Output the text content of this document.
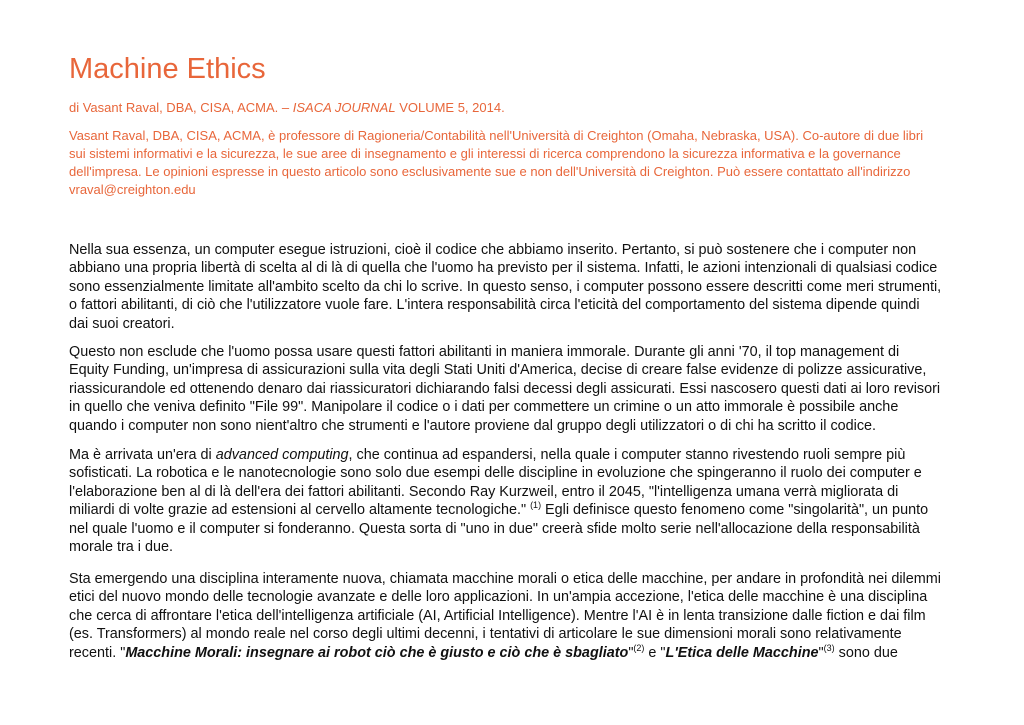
Machine Ethics

di Vasant Raval, DBA, CISA, ACMA. – ISACA JOURNAL VOLUME 5, 2014.

Vasant Raval, DBA, CISA, ACMA, è professore di Ragioneria/Contabilità nell'Università di Creighton (Omaha, Nebraska, USA). Co-autore di due libri
sui sistemi informativi e la sicurezza, le sue aree di insegnamento e gli interessi di ricerca comprendono la sicurezza informativa e la governance
dell'impresa. Le opinioni espresse in questo articolo sono esclusivamente sue e non dell'Università di Creighton. Può essere contattato all'indirizzo
vraval@creighton.edu

Nella sua essenza, un computer esegue istruzioni, cioè il codice che abbiamo inserito. Pertanto, si può sostenere che i computer non
abbiano una propria libertà di scelta al di là di quella che l'uomo ha previsto per il sistema. Infatti, le azioni intenzionali di qualsiasi codice
sono essenzialmente limitate all'ambito scelto da chi lo scrive. In questo senso, i computer possono essere descritti come meri strumenti,
o fattori abilitanti, di ciò che l'utilizzatore vuole fare. L'intera responsabilità circa l'eticità del comportamento del sistema dipende quindi
dai suoi creatori.

Questo non esclude che l'uomo possa usare questi fattori abilitanti in maniera immorale. Durante gli anni '70, il top management di
Equity Funding, un'impresa di assicurazioni sulla vita degli Stati Uniti d'America, decise di creare false evidenze di polizze assicurative,
riassicurandole ed ottenendo denaro dai riassicuratori dichiarando falsi decessi degli assicurati. Essi nascosero questi dati ai loro revisori
in quello che veniva definito "File 99". Manipolare il codice o i dati per commettere un crimine o un atto immorale è possibile anche
quando i computer non sono nient'altro che strumenti e l'autore proviene dal gruppo degli utilizzatori o di chi ha scritto il codice.

Ma è arrivata un'era di advanced computing, che continua ad espandersi, nella quale i computer stanno rivestendo ruoli sempre più
sofisticati. La robotica e le nanotecnologie sono solo due esempi delle discipline in evoluzione che spingeranno il ruolo dei computer e
l'elaborazione ben al di là dell'era dei fattori abilitanti. Secondo Ray Kurzweil, entro il 2045, "l'intelligenza umana verrà migliorata di
miliardi di volte grazie ad estensioni al cervello altamente tecnologiche." $^{(1)}$ Egli definisce questo fenomeno come "singolarità", un punto
nel quale l'uomo e il computer si fonderanno. Questa sorta di "uno in due" creerà sfide molto serie nell'allocazione della responsabilità
morale tra i due.

Sta emergendo una disciplina interamente nuova, chiamata macchine morali o etica delle macchine, per andare in profondità nei dilemmi
etici del nuovo mondo delle tecnologie avanzate e delle loro applicazioni. In un'ampia accezione, l'etica delle macchine è una disciplina
che cerca di affrontare l'etica dell'intelligenza artificiale (AI, Artificial Intelligence). Mentre l'AI è in lenta transizione dalle fiction e dai film
(es. Transformers) al mondo reale nel corso degli ultimi decenni, i tentativi di articolare le sue dimensioni morali sono relativamente
recenti. "Macchine Morali: insegnare ai robot ciò che è giusto e ciò che è sbagliato"$^{(2)}$ e "L'Etica delle Macchine"$^{(3)}$ sono due
